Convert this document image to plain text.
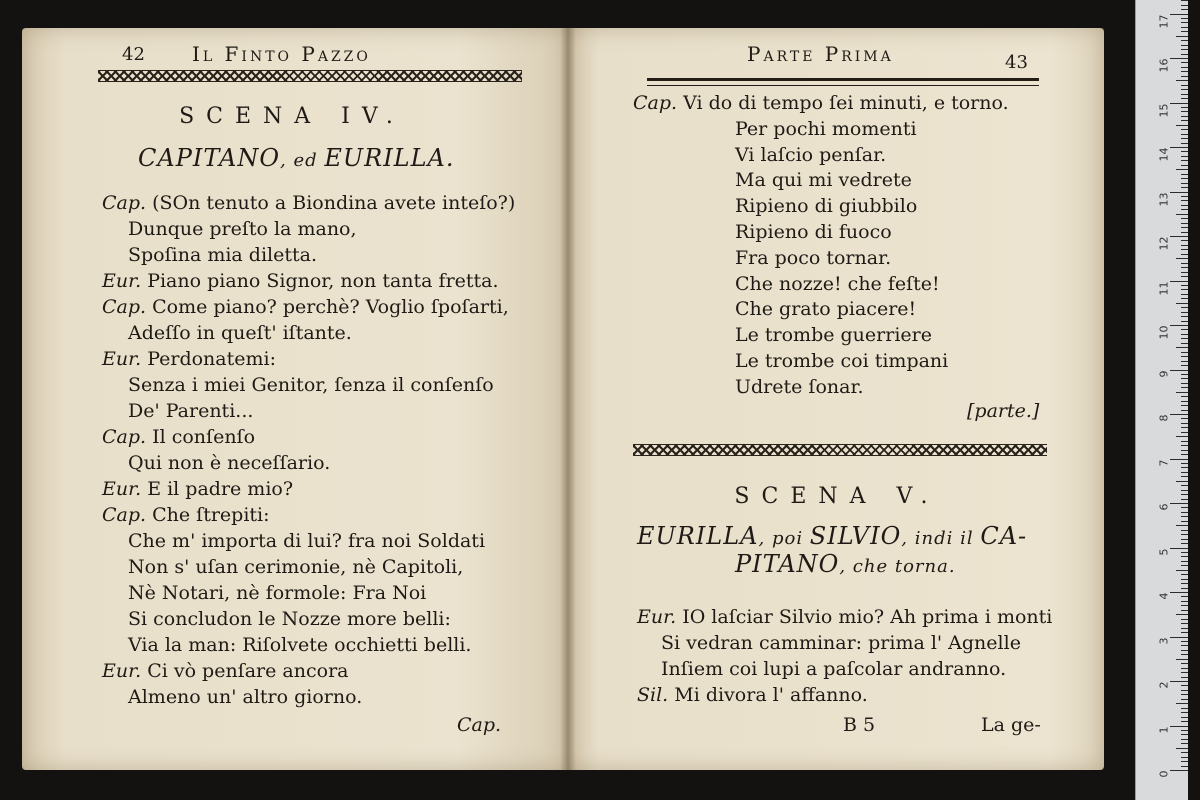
42 Il Finto Pazzo
SCENA IV.
CAPITANO, ed EURILLA.
Cap. (SOn tenuto a Biondina avete inteſo?)
Dunque preſto la mano,
Spoſina mia diletta.
Eur. Piano piano Signor, non tanta fretta.
Cap. Come piano? perchè? Voglio ſpoſarti,
Adeſſo in queſt' iſtante.
Eur. Perdonatemi:
Senza i miei Genitor, ſenza il conſenſo
De' Parenti...
Cap. Il conſenſo
Qui non è neceſſario.
Eur. E il padre mio?
Cap. Che ſtrepiti:
Che m' importa di lui? fra noi Soldati
Non s' uſan cerimonie, nè Capitoli,
Nè Notari, nè formole: Fra Noi
Si concludon le Nozze more belli:
Via la man: Riſolvete occhietti belli.
Eur. Ci vò penſare ancora
Almeno un' altro giorno.
Cap.
Parte Prima	43
Cap. Vi do di tempo ſei minuti, e torno.
Per pochi momenti
Vi laſcio penſar.
Ma qui mi vedrete
Ripieno di giubbilo
Ripieno di fuoco
Fra poco tornar.
Che nozze! che feſte!
Che grato piacere!
Le trombe guerriere
Le trombe coi timpani
Udrete ſonar.
[parte.]
SCENA V.
EURILLA, poi SILVIO, indi il CA-
PITANO, che torna.
Eur. IO laſciar Silvio mio? Ah prima i monti
Si vedran camminar: prima l' Agnelle
Inſiem coi lupi a paſcolar andranno.
Sil. Mi divora l' affanno.
B 5	La ge-
17
16
15
14
13
12
11
10
9
8
7
6
5
4
3
2
1
0
